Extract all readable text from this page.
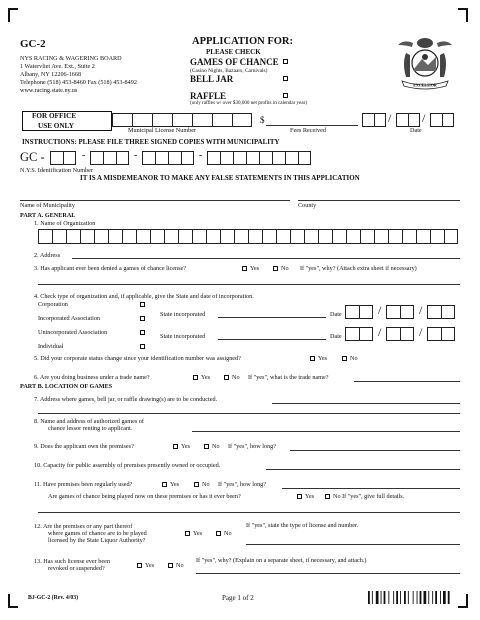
GC-2
NYS RACING & WAGERING BOARD
1 Watervliet Ave. Ext., Suite 2
Albany, NY 12206-1668
Telephone (518) 453-8460 Fax (518) 453-8492
www.racing.state.ny.us
APPLICATION FOR:
PLEASE CHECK
GAMES OF CHANCE
(Casino Nights, Bazaars, Carnivals)
BELL JAR
RAFFLE
(only raffles w/ over $30,000 net profits in calendar year)
EXCELSIOR
FOR OFFICE
USE ONLY
Municipal License Number
$
Fees Received
/	/
Date
INSTRUCTIONS: PLEASE FILE THREE SIGNED COPIES WITH MUNICIPALITY
GC -	-	-	-
N.Y.S. Identification Number
IT IS A MISDEMEANOR TO MAKE ANY FALSE STATEMENTS IN THIS APPLICATION
Name of Municipality	County
PART A. GENERAL
1. Name of Organization
2. Address
3. Has applicant ever been denied a games of chance license?	Yes	No If "yes", why? (Attach extra sheet if necessary)
4. Check type of organization and, if applicable, give the State and date of incorporation.
Corporation
Incorporated Association
Unincorporated Association
Individual
State incorporated	Date	/	/
State incorporated	Date	/	/
5. Did your corporate status change since your identification number was assigned?	Yes	No
6. Are you doing business under a trade name?	Yes	No If "yes", what is the trade name?
PART B. LOCATION OF GAMES
7. Address where games, bell jar, or raffle drawing(s) are to be conducted.
8. Name and address of authorized games of
chance lessor renting to applicant.
9. Does the applicant own the premises?	Yes	No If "yes", how long?
10. Capacity for public assembly of premises presently owned or occupied.
11. Have premises been regularly used?	Yes	No If "yes", how long?
Are games of chance being played now on these premises or has it ever been?	Yes	No If "yes", give full details.
12. Are the premises or any part thereof
where games of chance are to be played
licensed by the State Liquor Authority?
Yes	No
If "yes", state the type of license and number.
13. Has such license ever been
revoked or suspended?	Yes	No
If "yes", why? (Explain on a separate sheet, if necessary, and attach.)
BJ-GC-2 (Rev. 4/03)	Page 1 of 2
